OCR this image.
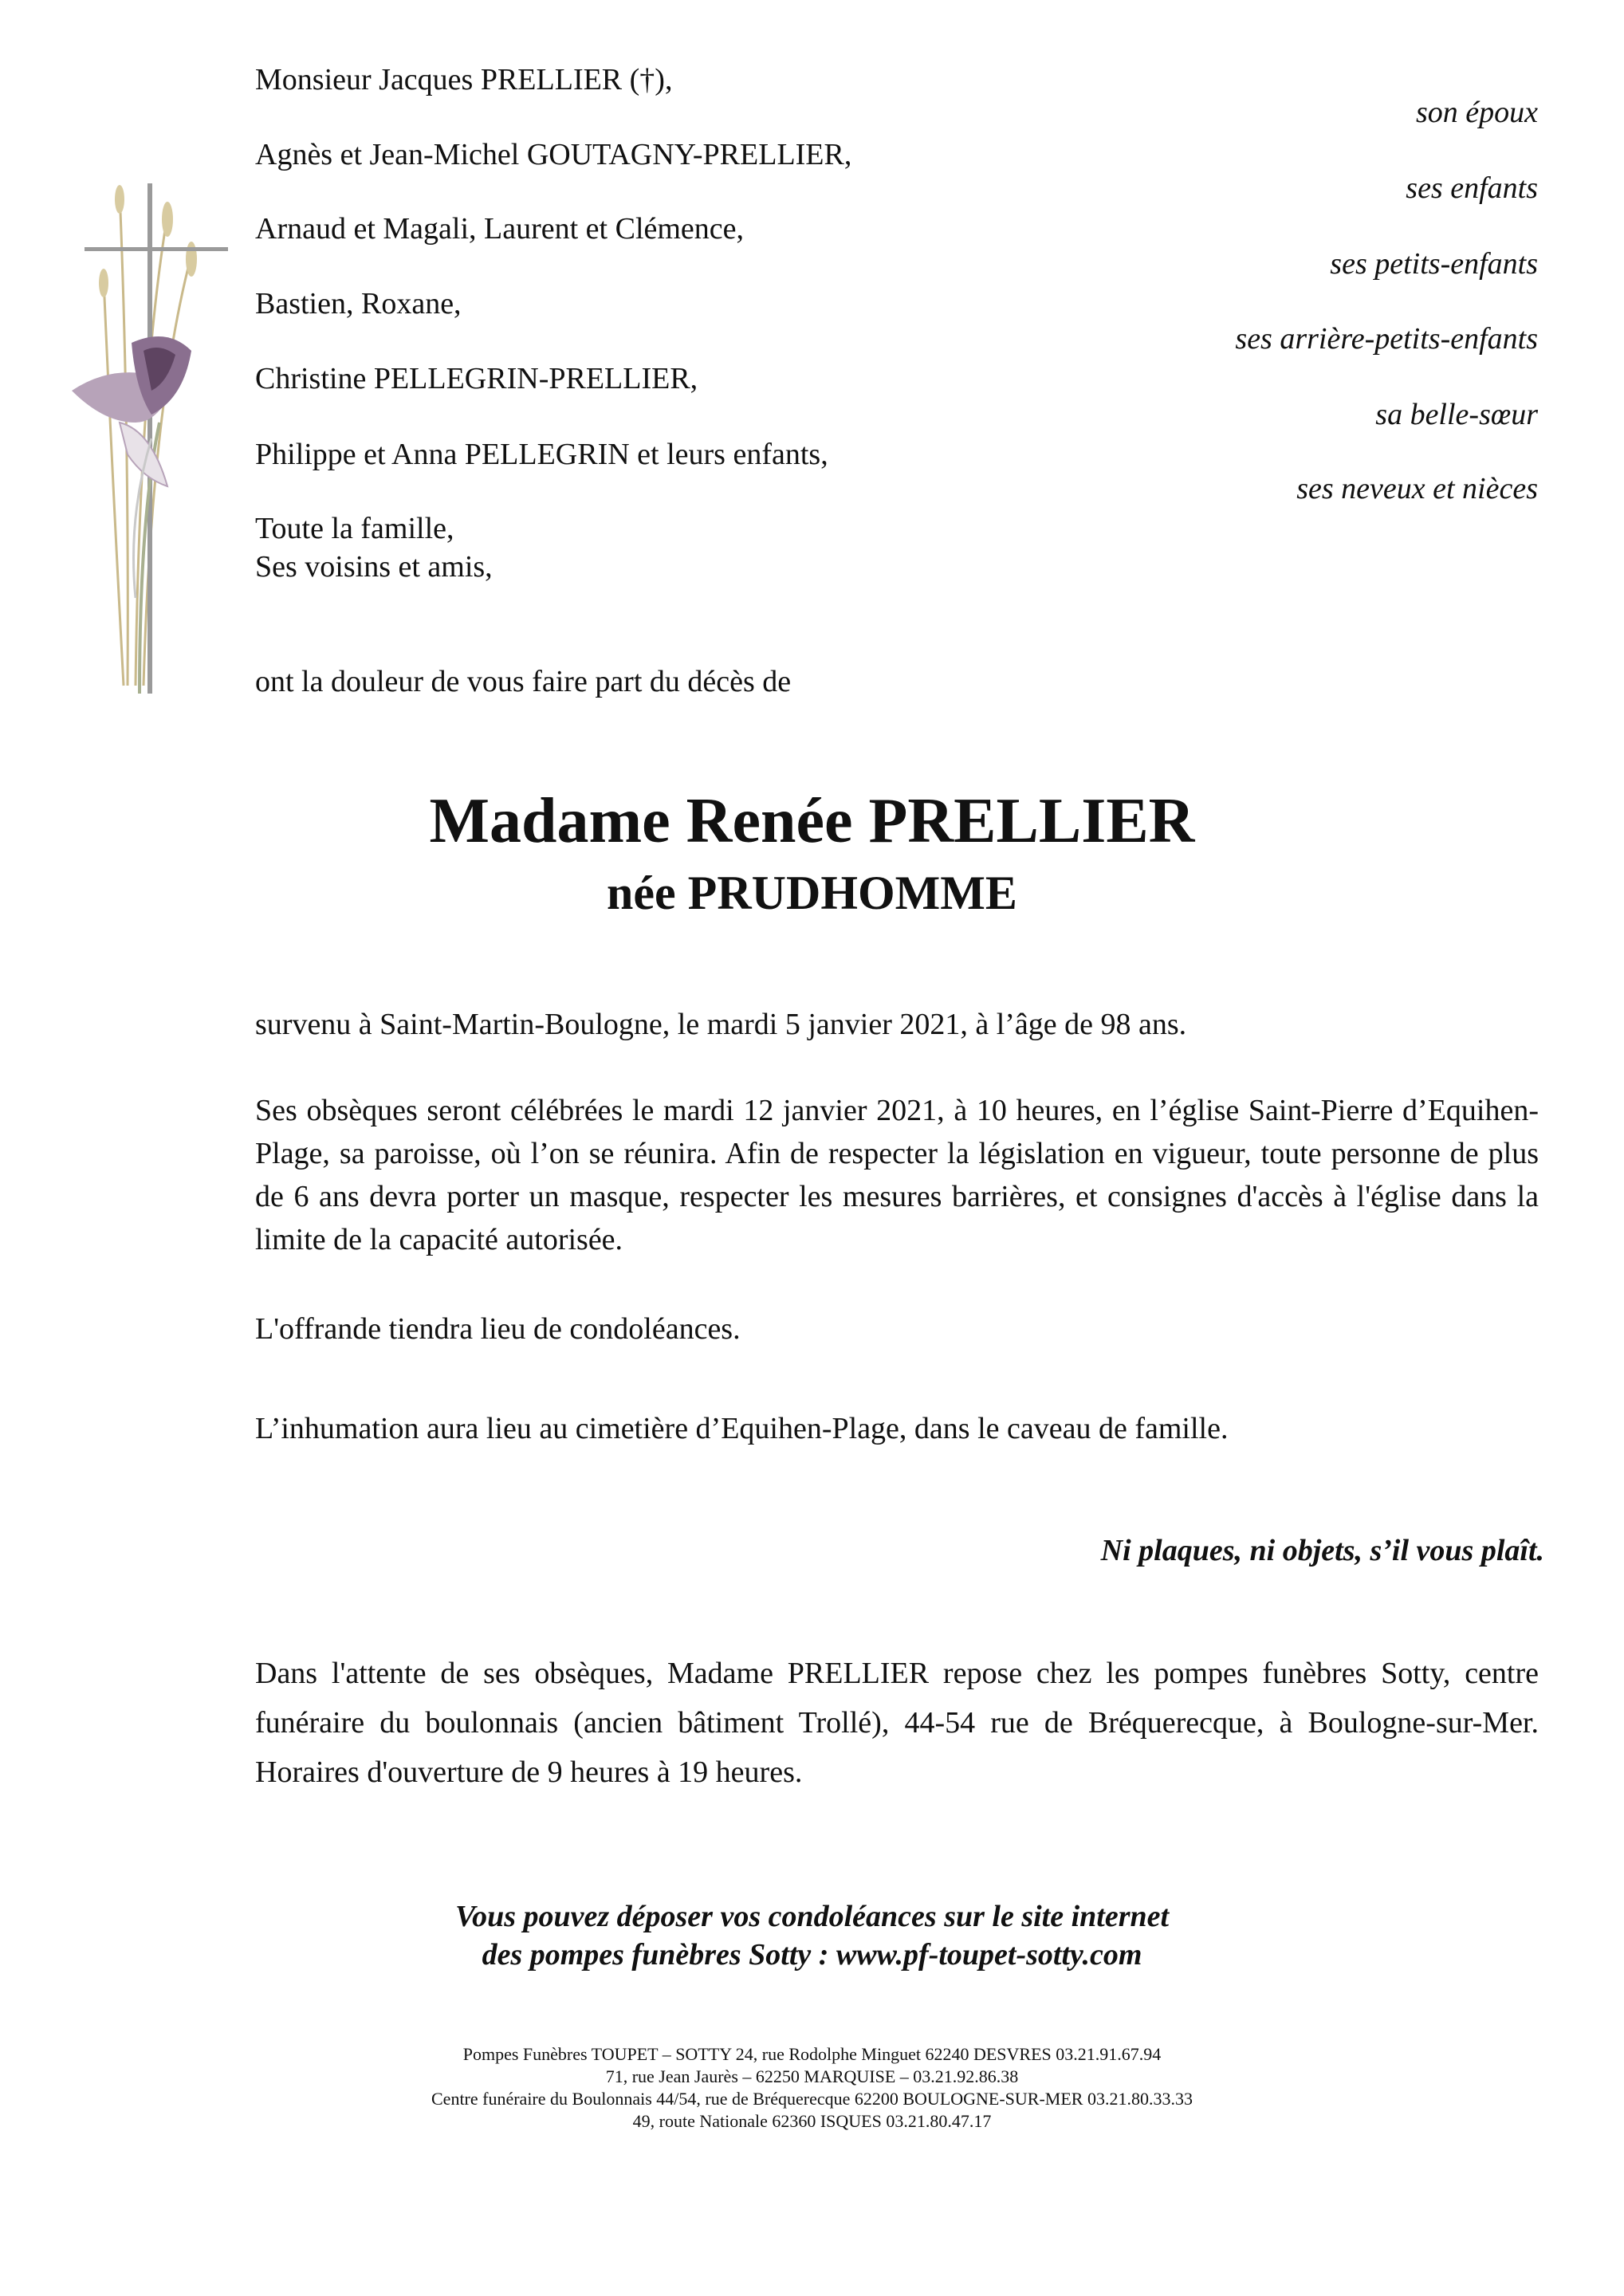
Monsieur Jacques PRELLIER (†),
Agnès et Jean-Michel GOUTAGNY-PRELLIER,
Arnaud et Magali, Laurent et Clémence,
Bastien, Roxane,
Christine PELLEGRIN-PRELLIER,
Philippe et Anna PELLEGRIN et leurs enfants,
Toute la famille,
Ses voisins et amis,
son époux
ses enfants
ses petits-enfants
ses arrière-petits-enfants
sa belle-sœur
ses neveux et nièces
ont la douleur de vous faire part du décès de
Madame Renée PRELLIER
née PRUDHOMME
survenu à Saint-Martin-Boulogne, le mardi 5 janvier 2021, à l’âge de 98 ans.
Ses obsèques seront célébrées le mardi 12 janvier 2021, à 10 heures, en l’église Saint-Pierre d’Equihen-Plage, sa paroisse, où l’on se réunira. Afin de respecter la législation en vigueur, toute personne de plus de 6 ans devra porter un masque, respecter les mesures barrières, et consignes d'accès à l'église dans la limite de la capacité autorisée.
L'offrande tiendra lieu de condoléances.
L’inhumation aura lieu au cimetière d’Equihen-Plage, dans le caveau de famille.
Ni plaques, ni objets, s’il vous plaît.
Dans l'attente de ses obsèques, Madame PRELLIER repose chez les pompes funèbres Sotty, centre funéraire du boulonnais (ancien bâtiment Trollé), 44-54 rue de Bréquerecque, à Boulogne-sur-Mer. Horaires d'ouverture de 9 heures à 19 heures.
Vous pouvez déposer vos condoléances sur le site internet
des pompes funèbres Sotty : www.pf-toupet-sotty.com
Pompes Funèbres TOUPET – SOTTY 24, rue Rodolphe Minguet 62240 DESVRES 03.21.91.67.94
71, rue Jean Jaurès – 62250 MARQUISE – 03.21.92.86.38
Centre funéraire du Boulonnais 44/54, rue de Bréquerecque 62200 BOULOGNE-SUR-MER 03.21.80.33.33
49, route Nationale 62360 ISQUES 03.21.80.47.17
